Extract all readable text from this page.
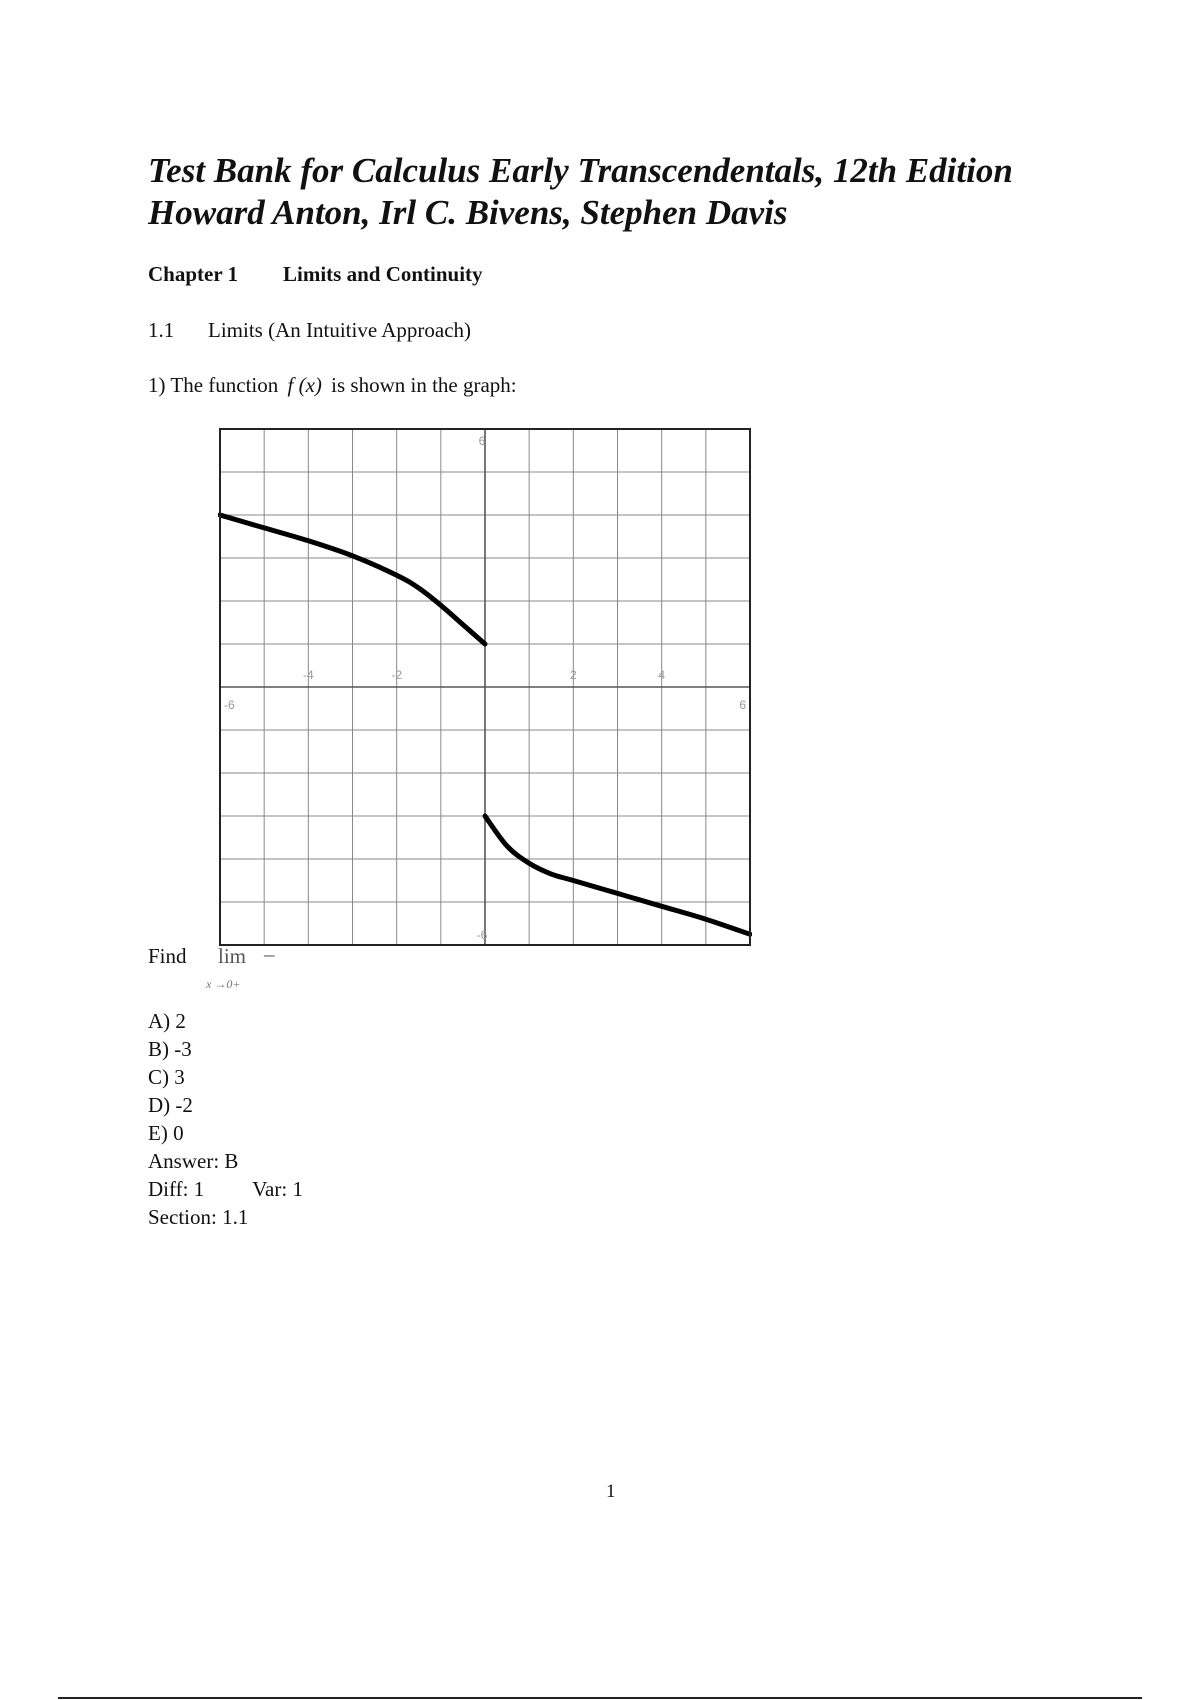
Test Bank for Calculus Early Transcendentals, 12th Edition
Howard Anton, Irl C. Bivens, Stephen Davis
Chapter 1 Limits and Continuity
1.1 Limits (An Intuitive Approach)
1) The function f (x) is shown in the graph:
-6
-4	-2	2	4
6
6
-6
Find lim –
x →0+
A) 2
B) -3
C) 3
D) -2
E) 0
Answer: B
Diff: 1 Var: 1
Section: 1.1
1
